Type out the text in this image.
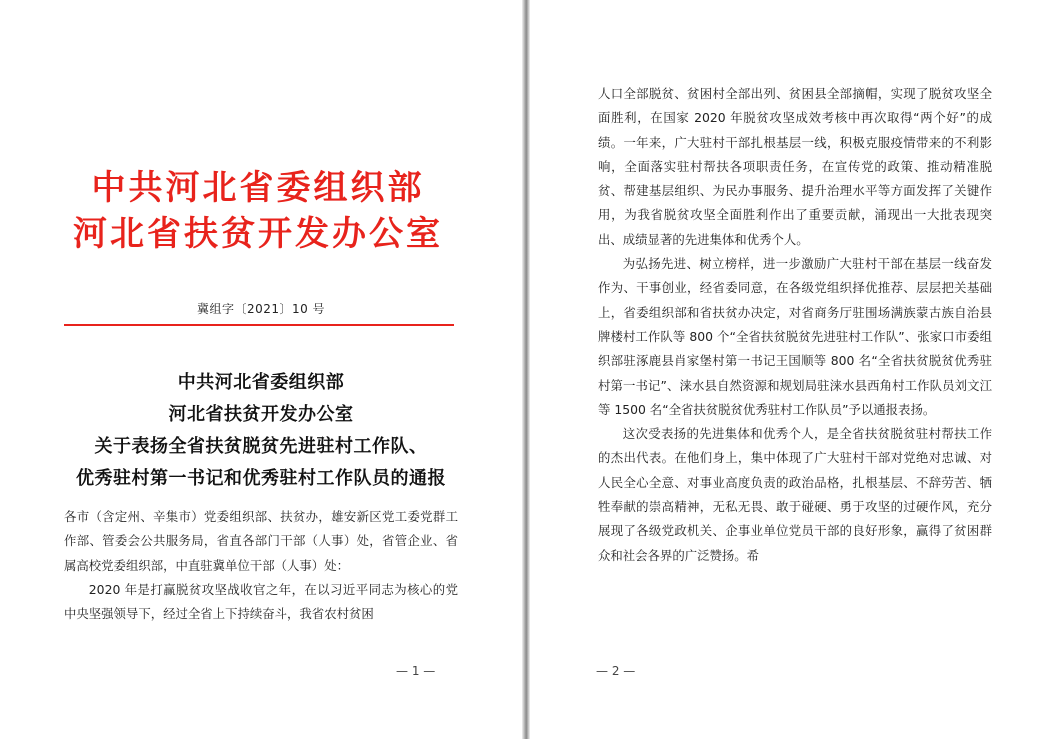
中共河北省委组织部
河北省扶贫开发办公室
冀组字〔2021〕10 号
中共河北省委组织部
河北省扶贫开发办公室
关于表扬全省扶贫脱贫先进驻村工作队、
优秀驻村第一书记和优秀驻村工作队员的通报

各市（含定州、辛集市）党委组织部、扶贫办，雄安新区党工委党群工作部、管委会公共服务局，省直各部门干部（人事）处，省管企业、省属高校党委组织部，中直驻冀单位干部（人事）处：

2020 年是打赢脱贫攻坚战收官之年，在以习近平同志为核心的党中央坚强领导下，经过全省上下持续奋斗，我省农村贫困

— 1 —

人口全部脱贫、贫困村全部出列、贫困县全部摘帽，实现了脱贫攻坚全面胜利，在国家 2020 年脱贫攻坚成效考核中再次取得“两个好”的成绩。一年来，广大驻村干部扎根基层一线，积极克服疫情带来的不利影响，全面落实驻村帮扶各项职责任务，在宣传党的政策、推动精准脱贫、帮建基层组织、为民办事服务、提升治理水平等方面发挥了关键作用，为我省脱贫攻坚全面胜利作出了重要贡献，涌现出一大批表现突出、成绩显著的先进集体和优秀个人。

为弘扬先进、树立榜样，进一步激励广大驻村干部在基层一线奋发作为、干事创业，经省委同意，在各级党组织择优推荐、层层把关基础上，省委组织部和省扶贫办决定，对省商务厅驻围场满族蒙古族自治县牌楼村工作队等 800 个“全省扶贫脱贫先进驻村工作队”、张家口市委组织部驻涿鹿县肖家堡村第一书记王国顺等 800 名“全省扶贫脱贫优秀驻村第一书记”、涞水县自然资源和规划局驻涞水县西角村工作队员刘文江等 1500 名“全省扶贫脱贫优秀驻村工作队员”予以通报表扬。

这次受表扬的先进集体和优秀个人，是全省扶贫脱贫驻村帮扶工作的杰出代表。在他们身上，集中体现了广大驻村干部对党绝对忠诚、对人民全心全意、对事业高度负责的政治品格，扎根基层、不辞劳苦、牺牲奉献的崇高精神，无私无畏、敢于碰硬、勇于攻坚的过硬作风，充分展现了各级党政机关、企事业单位党员干部的良好形象，赢得了贫困群众和社会各界的广泛赞扬。希

— 2 —
